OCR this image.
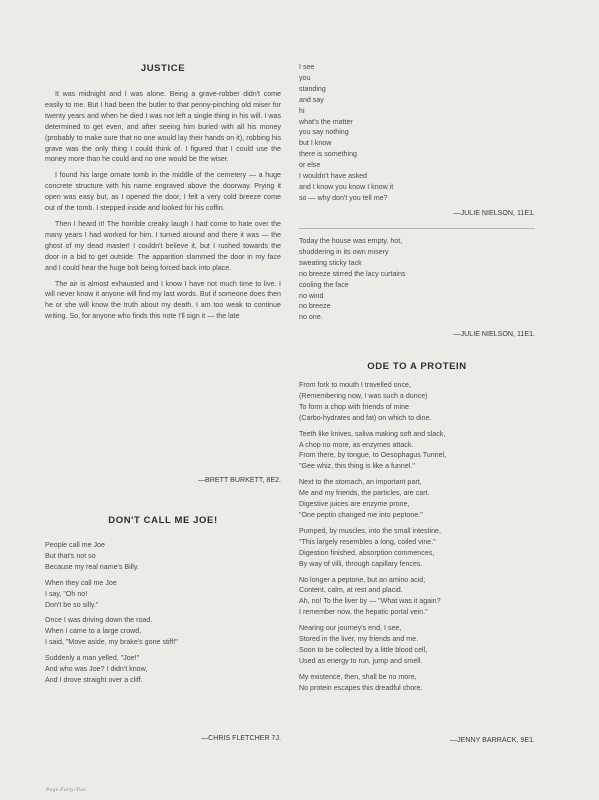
JUSTICE

It was midnight and I was alone. Being a grave-robber didn't come easily to me. But I had been the butler to that penny-pinching old miser for twenty years and when he died I was not left a single thing in his will. I was determined to get even, and after seeing him buried with all his money (probably to make sure that no one would lay their hands on it), robbing his grave was the only thing I could think of. I figured that I could use the money more than he could and no one would be the wiser.

I found his large ornate tomb in the middle of the cemetery — a huge concrete structure with his name engraved above the doorway. Prying it open was easy but, as I opened the door, I felt a very cold breeze come out of the tomb. I stepped inside and looked for his coffin.

Then I heard it! The horrible creaky laugh I had come to hate over the many years I had worked for him. I turned around and there it was — the ghost of my dead master! I couldn't believe it, but I rushed towards the door in a bid to get outside. The apparition slammed the door in my face and I could hear the huge bolt being forced back into place.

The air is almost exhausted and I know I have not much time to live. I will never know it anyone will find my last words. But if someone does then he or she will know the truth about my death. I am too weak to continue writing. So, for anyone who finds this note I'll sign it — the late

—BRETT BURKETT, 8E2.
DON'T CALL ME JOE!
People call me Joe
But that's not so
Because my real name's Billy.
When they call me Joe
I say, "Oh no!
Don't be so silly."
Once I was driving down the road.
When I came to a large crowd,
I said, "Move aside, my brake's gone stiff!"
Suddenly a man yelled, "Joe!"
And who was Joe? I didn't know,
And I drove straight over a cliff.
—CHRIS FLETCHER 7J.
I see
you
standing
and say
hi
what's the matter
you say nothing
but I know
there is something
or else
I wouldn't have asked
and I know you know I know it
so — why don't you tell me?
—JULIE NIELSON, 11E1.
Today the house was empty, hot,
shuddering in its own misery
sweating sticky tack
no breeze stirred the lacy curtains
cooling the face
no wind
no breeze
no one.
—JULIE NIELSON, 11E1.
ODE TO A PROTEIN
From fork to mouth I travelled once,
(Remembering now, I was such a dunce)
To form a chop with friends of mine
(Carbo-hydrates and fat) on which to dine.
Teeth like knives, saliva making soft and slack,
A chop no more, as enzymes attack.
From there, by tongue, to Oesophagus Tunnel,
"Gee whiz, this thing is like a funnel."
Next to the stomach, an important part,
Me and my friends, the particles, are cart.
Digestive juices are enzyme prone,
"One peptin changed me into peptone."
Pumped, by muscles, into the small intestine,
"This largely resembles a long, coiled vine."
Digestion finished, absorption commences,
By way of villi, through capillary fences.
No longer a peptone, but an amino acid;
Content, calm, at rest and placid.
Ah, no! To the liver by — "What was it again?
I remember now, the hepatic portal vein."
Nearing our journey's end, I see,
Stored in the liver, my friends and me.
Soon to be collected by a little blood cell,
Used as energy to run, jump and smell.
My existence, then, shall be no more,
No protein escapes this dreadful chore.
—JENNY BARRACK, 9E1.
Page Forty-Two
